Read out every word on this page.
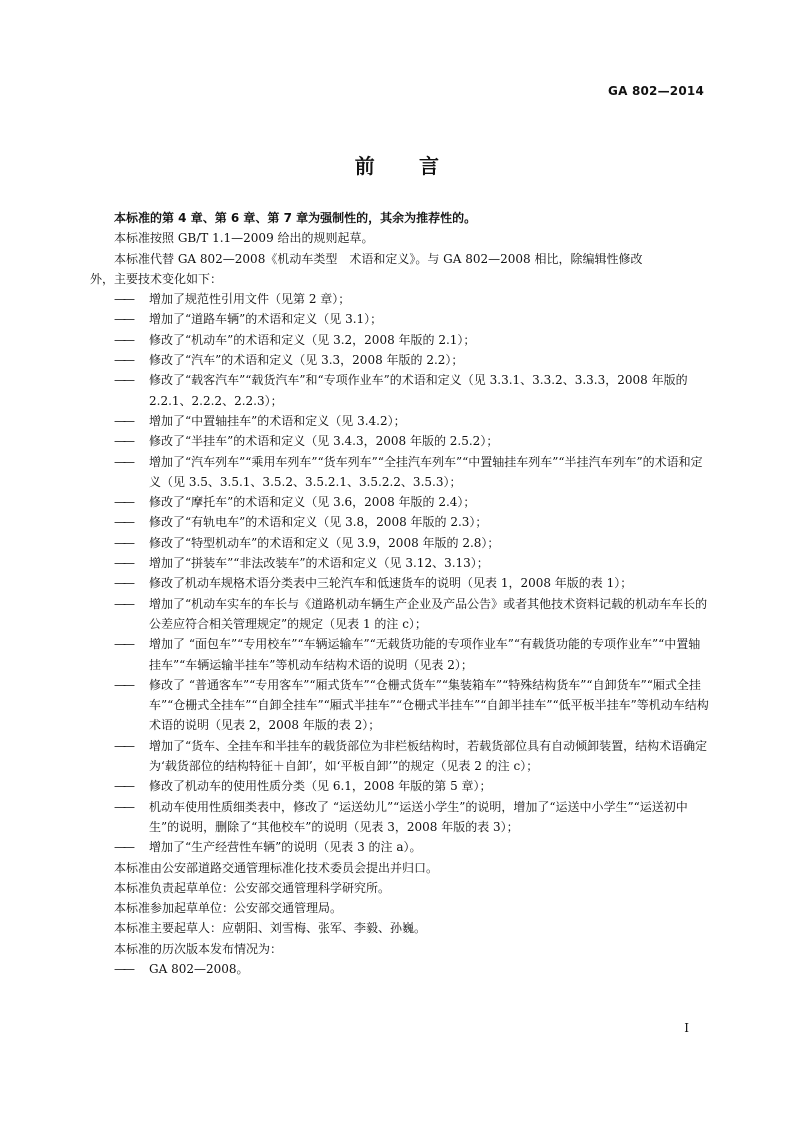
GA 802—2014
前 言

本标准的第 4 章、第 6 章、第 7 章为强制性的，其余为推荐性的。

本标准按照 GB/T 1.1—2009 给出的规则起草。

本标准代替 GA 802—2008《机动车类型　术语和定义》。与 GA 802—2008 相比，除编辑性修改

外，主要技术变化如下：

——	增加了规范性引用文件（见第 2 章）；
——	增加了“道路车辆”的术语和定义（见 3.1）；
——	修改了“机动车”的术语和定义（见 3.2，2008 年版的 2.1）；
——	修改了“汽车”的术语和定义（见 3.3，2008 年版的 2.2）；
——	修改了“载客汽车”“载货汽车”和“专项作业车”的术语和定义（见 3.3.1、3.3.2、3.3.3，2008 年版的 2.2.1、2.2.2、2.2.3）；
——	增加了“中置轴挂车”的术语和定义（见 3.4.2）；
——	修改了“半挂车”的术语和定义（见 3.4.3，2008 年版的 2.5.2）；
——	增加了“汽车列车”“乘用车列车”“货车列车”“全挂汽车列车”“中置轴挂车列车”“半挂汽车列车”的术语和定义（见 3.5、3.5.1、3.5.2、3.5.2.1、3.5.2.2、3.5.3）；
——	修改了“摩托车”的术语和定义（见 3.6，2008 年版的 2.4）；
——	修改了“有轨电车”的术语和定义（见 3.8，2008 年版的 2.3）；
——	修改了“特型机动车”的术语和定义（见 3.9，2008 年版的 2.8）；
——	增加了“拼装车”“非法改装车”的术语和定义（见 3.12、3.13）；
——	修改了机动车规格术语分类表中三轮汽车和低速货车的说明（见表 1，2008 年版的表 1）；
——	增加了“机动车实车的车长与《道路机动车辆生产企业及产品公告》或者其他技术资料记载的机动车车长的公差应符合相关管理规定”的规定（见表 1 的注 c）；
——	增加了 “面包车”“专用校车”“车辆运输车”“无载货功能的专项作业车”“有载货功能的专项作业车”“中置轴挂车”“车辆运输半挂车”等机动车结构术语的说明（见表 2）；
——	修改了 “普通客车”“专用客车”“厢式货车”“仓栅式货车”“集装箱车”“特殊结构货车”“自卸货车”“厢式全挂车”“仓栅式全挂车”“自卸全挂车”“厢式半挂车”“仓栅式半挂车”“自卸半挂车”“低平板半挂车”等机动车结构术语的说明（见表 2，2008 年版的表 2）；
——	增加了“货车、全挂车和半挂车的载货部位为非栏板结构时，若载货部位具有自动倾卸装置，结构术语确定为‘载货部位的结构特征＋自卸’，如‘平板自卸’”的规定（见表 2 的注 c）；
——	修改了机动车的使用性质分类（见 6.1，2008 年版的第 5 章）；
——	机动车使用性质细类表中，修改了 “运送幼儿”“运送小学生”的说明，增加了“运送中小学生”“运送初中生”的说明，删除了“其他校车”的说明（见表 3，2008 年版的表 3）；
——	增加了“生产经营性车辆”的说明（见表 3 的注 a）。

本标准由公安部道路交通管理标准化技术委员会提出并归口。

本标准负责起草单位：公安部交通管理科学研究所。

本标准参加起草单位：公安部交通管理局。

本标准主要起草人：应朝阳、刘雪梅、张军、李毅、孙巍。

本标准的历次版本发布情况为：

——	GA 802—2008。
I
